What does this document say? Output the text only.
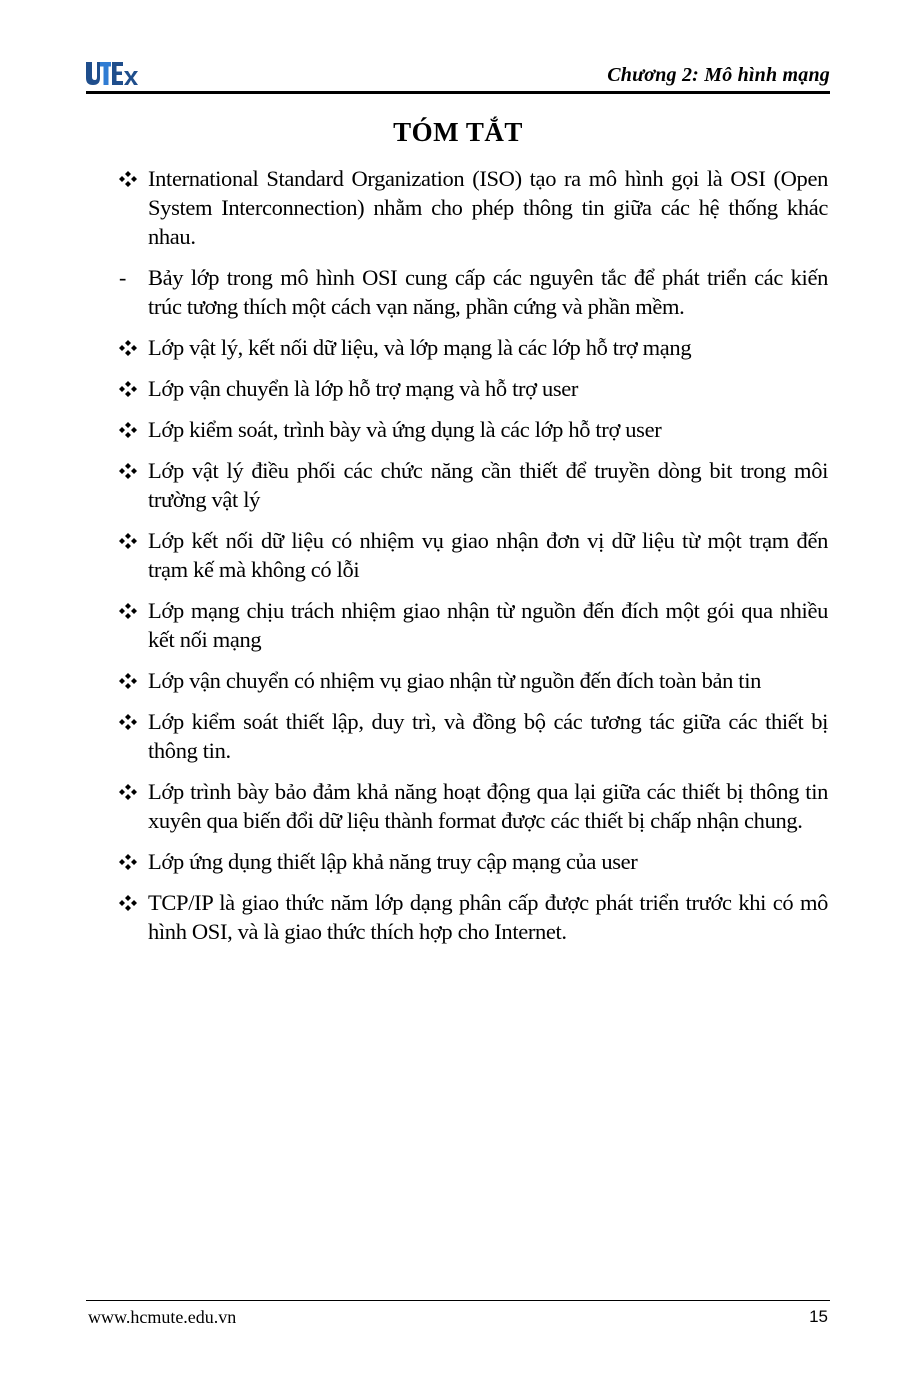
Chương 2: Mô hình mạng
TÓM TẮT
International Standard Organization (ISO) tạo ra mô hình gọi là OSI (Open System Interconnection) nhằm cho phép thông tin giữa các hệ thống khác nhau.
- Bảy lớp trong mô hình OSI cung cấp các nguyên tắc để phát triển các kiến trúc tương thích một cách vạn năng, phần cứng và phần mềm.
Lớp vật lý, kết nối dữ liệu, và lớp mạng là các lớp hỗ trợ mạng
Lớp vận chuyển là lớp hỗ trợ mạng và hỗ trợ user
Lớp kiểm soát, trình bày và ứng dụng là các lớp hỗ trợ user
Lớp vật lý điều phối các chức năng cần thiết để truyền dòng bit trong môi trường vật lý
Lớp kết nối dữ liệu có nhiệm vụ giao nhận đơn vị dữ liệu từ một trạm đến trạm kế mà không có lỗi
Lớp mạng chịu trách nhiệm giao nhận từ nguồn đến đích một gói qua nhiều kết nối mạng
Lớp vận chuyển có nhiệm vụ giao nhận từ nguồn đến đích toàn bản tin
Lớp kiểm soát thiết lập, duy trì, và đồng bộ các tương tác giữa các thiết bị thông tin.
Lớp trình bày bảo đảm khả năng hoạt động qua lại giữa các thiết bị thông tin xuyên qua biến đổi dữ liệu thành format được các thiết bị chấp nhận chung.
Lớp ứng dụng thiết lập khả năng truy cập mạng của user
TCP/IP là giao thức năm lớp dạng phân cấp được phát triển trước khi có mô hình OSI, và là giao thức thích hợp cho Internet.
www.hcmute.edu.vn	15
